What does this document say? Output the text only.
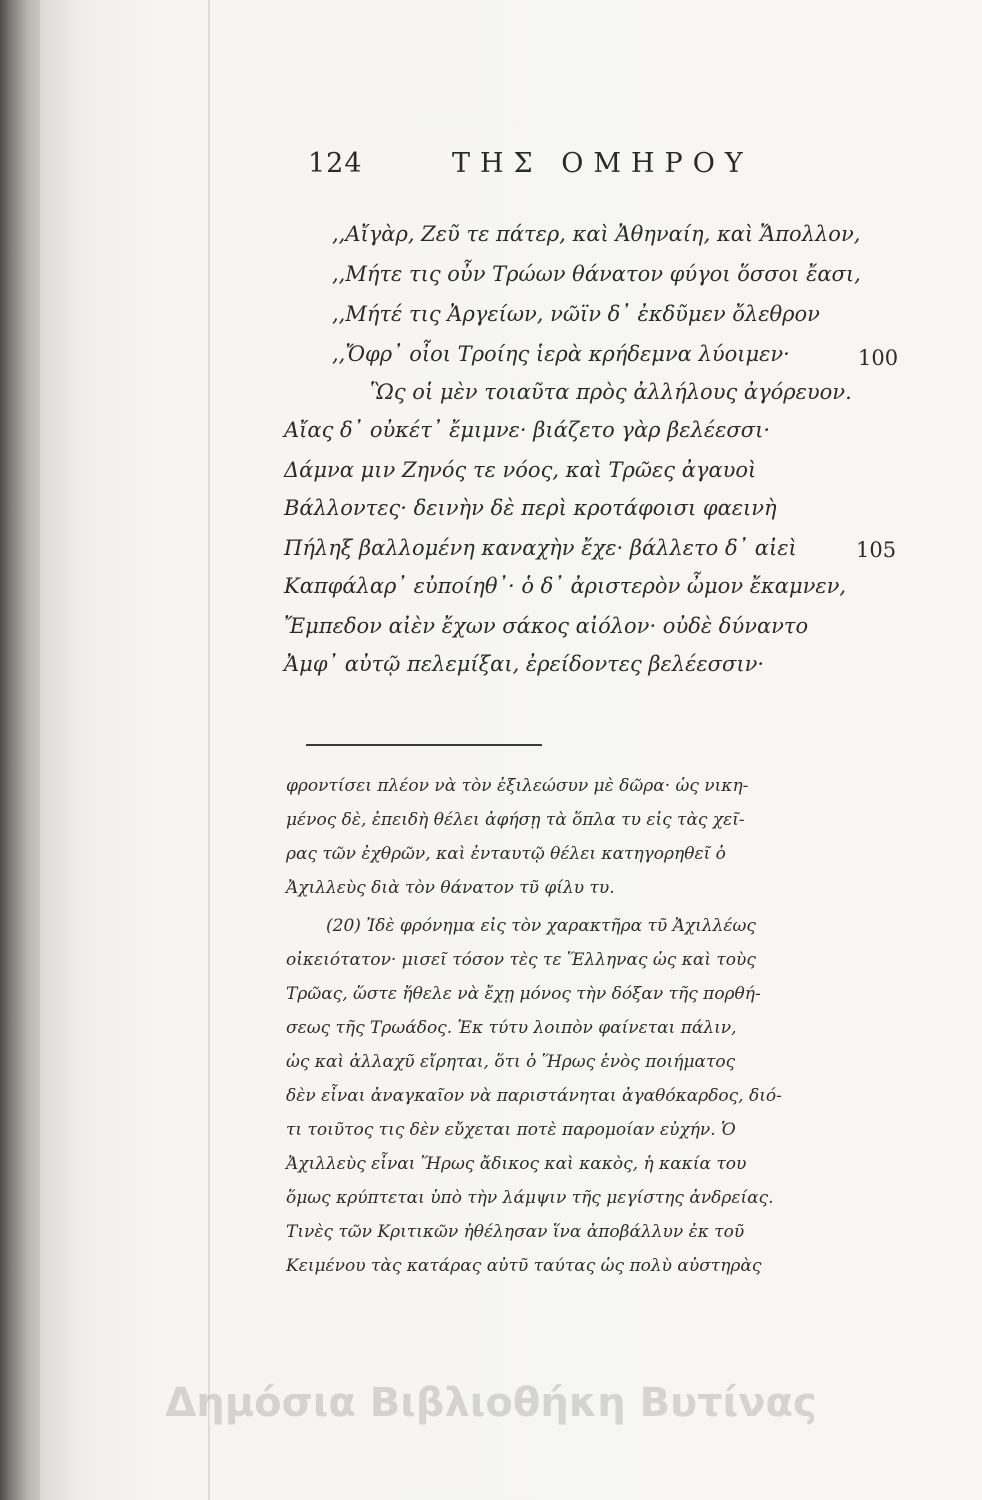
124	ΤΗΣ ΟΜΗΡΟΥ
,,Αἴγὰρ, Ζεῦ τε πάτερ, καὶ Ἀθηναίη, καὶ Ἄπολλον,
,,Μήτε τις οὖν Τρώων θάνατον φύγοι ὅσσοι ἔασι,
,,Μήτέ τις Ἀργείων, νῶϊν δ᾽ ἐκδῦμεν ὄλεθρον
,,Ὄφρ᾽ οἶοι Τροίης ἱερὰ κρήδεμνα λύοιμεν·	100
Ὣς οἱ μὲν τοιαῦτα πρὸς ἀλλήλους ἀγόρευον.
Αἴας δ᾽ οὐκέτ᾽ ἔμιμνε· βιάζετο γὰρ βελέεσσι·
Δάμνα μιν Ζηνός τε νόος, καὶ Τρῶες ἀγαυοὶ
Βάλλοντες· δεινὴν δὲ περὶ κροτάφοισι φαεινὴ
Πήληξ βαλλομένη καναχὴν ἔχε· βάλλετο δ᾽ αἰεὶ	105
Καπφάλαρ᾽ εὐποίηθ᾽· ὁ δ᾽ ἀριστερὸν ὦμον ἔκαμνεν,
Ἔμπεδον αἰὲν ἔχων σάκος αἰόλον· οὐδὲ δύναντο
Ἀμφ᾽ αὐτῷ πελεμίξαι, ἐρείδοντες βελέεσσιν·
φροντίσει πλέον νὰ τὸν ἐξιλεώσυν μὲ δῶρα· ὡς νικη-
μένος δὲ, ἐπειδὴ θέλει ἀφήσῃ τὰ ὅπλα τυ εἰς τὰς χεῖ-
ρας τῶν ἐχθρῶν, καὶ ἐνταυτῷ θέλει κατηγορηθεῖ ὁ
Ἀχιλλεὺς διὰ τὸν θάνατον τῦ φίλυ τυ.
(20) Ἰδὲ φρόνημα εἰς τὸν χαρακτῆρα τῦ Ἀχιλλέως
οἰκειότατον· μισεῖ τόσον τὲς τε Ἕλληνας ὡς καὶ τοὺς
Τρῶας, ὥστε ἤθελε νὰ ἔχῃ μόνος τὴν δόξαν τῆς πορθή-
σεως τῆς Τρωάδος. Ἐκ τύτυ λοιπὸν φαίνεται πάλιν,
ὡς καὶ ἀλλαχῦ εἴρηται, ὅτι ὁ Ἥρως ἑνὸς ποιήματος
δὲν εἶναι ἀναγκαῖον νὰ παριστάνηται ἀγαθόκαρδος, διό-
τι τοιῦτος τις δὲν εὔχεται ποτὲ παρομοίαν εὐχήν. Ὁ
Ἀχιλλεὺς εἶναι Ἥρως ἄδικος καὶ κακὸς, ἡ κακία του
ὅμως κρύπτεται ὑπὸ τὴν λάμψιν τῆς μεγίστης ἀνδρείας.
Τινὲς τῶν Κριτικῶν ἠθέλησαν ἵνα ἀποβάλλυν ἐκ τοῦ
Κειμένου τὰς κατάρας αὐτῦ ταύτας ὡς πολὺ αὐστηρὰς
Δημόσια Βιβλιοθήκη Βυτίνας
